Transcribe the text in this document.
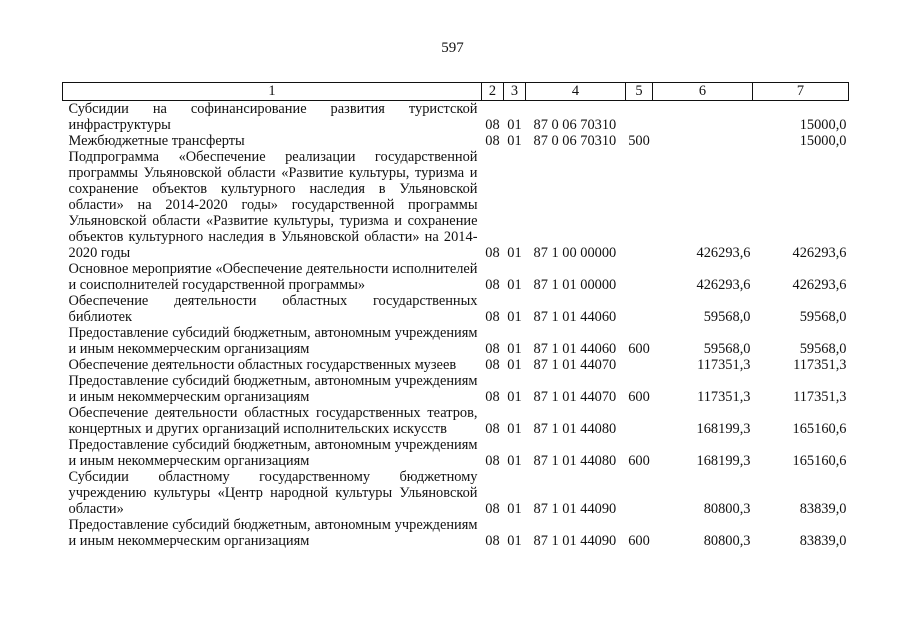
597
1	2	3	4	5	6	7
Субсидии на софинансирование развития туристской инфраструктуры	08	01	87 0 06 70310			15000,0
Межбюджетные трансферты	08	01	87 0 06 70310	500		15000,0
Подпрограмма «Обеспечение реализации государственной программы Ульяновской области «Развитие культуры, туризма и сохранение объектов культурного наследия в Ульяновской области» на 2014-2020 годы» государственной программы Ульяновской области «Развитие культуры, туризма и сохранение объектов культурного наследия в Ульяновской области» на 2014-2020 годы	08	01	87 1 00 00000		426293,6	426293,6
Основное мероприятие «Обеспечение деятельности исполнителей и соисполнителей государственной программы»	08	01	87 1 01 00000		426293,6	426293,6
Обеспечение деятельности областных государственных библиотек	08	01	87 1 01 44060		59568,0	59568,0
Предоставление субсидий бюджетным, автономным учреждениям и иным некоммерческим организациям	08	01	87 1 01 44060	600	59568,0	59568,0
Обеспечение деятельности областных государственных музеев	08	01	87 1 01 44070		117351,3	117351,3
Предоставление субсидий бюджетным, автономным учреждениям и иным некоммерческим организациям	08	01	87 1 01 44070	600	117351,3	117351,3
Обеспечение деятельности областных государственных театров, концертных и других организаций исполнительских искусств	08	01	87 1 01 44080		168199,3	165160,6
Предоставление субсидий бюджетным, автономным учреждениям и иным некоммерческим организациям	08	01	87 1 01 44080	600	168199,3	165160,6
Субсидии областному государственному бюджетному учреждению культуры «Центр народной культуры Ульяновской области»	08	01	87 1 01 44090		80800,3	83839,0
Предоставление субсидий бюджетным, автономным учреждениям и иным некоммерческим организациям	08	01	87 1 01 44090	600	80800,3	83839,0
